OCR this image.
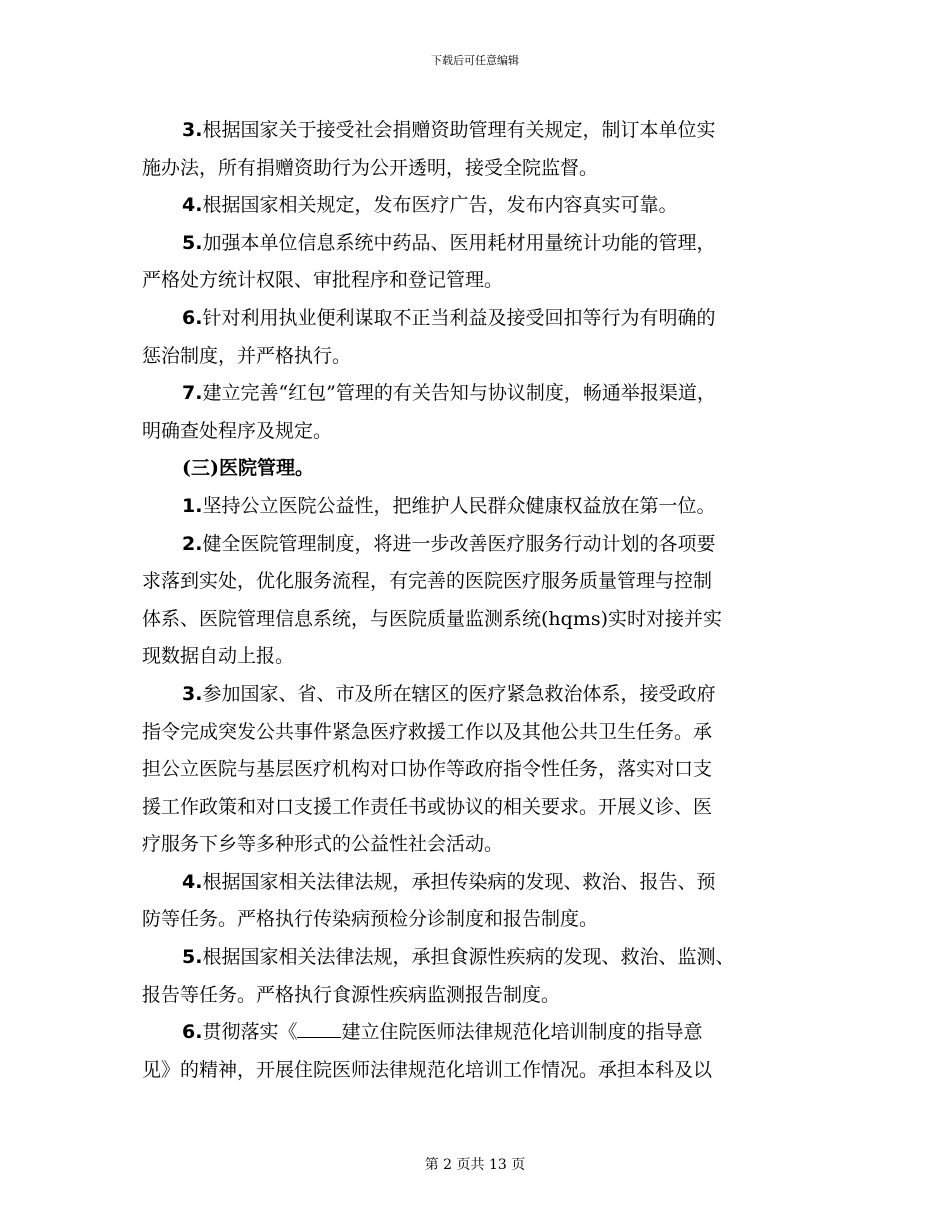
下载后可任意编辑
3.根据国家关于接受社会捐赠资助管理有关规定，制订本单位实
施办法，所有捐赠资助行为公开透明，接受全院监督。
4.根据国家相关规定，发布医疗广告，发布内容真实可靠。
5.加强本单位信息系统中药品、医用耗材用量统计功能的管理，
严格处方统计权限、审批程序和登记管理。
6.针对利用执业便利谋取不正当利益及接受回扣等行为有明确的
惩治制度，并严格执行。
7.建立完善“红包”管理的有关告知与协议制度，畅通举报渠道，
明确查处程序及规定。
(三)医院管理。
1.坚持公立医院公益性，把维护人民群众健康权益放在第一位。
2.健全医院管理制度，将进一步改善医疗服务行动计划的各项要
求落到实处，优化服务流程，有完善的医院医疗服务质量管理与控制
体系、医院管理信息系统，与医院质量监测系统(hqms)实时对接并实
现数据自动上报。
3.参加国家、省、市及所在辖区的医疗紧急救治体系，接受政府
指令完成突发公共事件紧急医疗救援工作以及其他公共卫生任务。承
担公立医院与基层医疗机构对口协作等政府指令性任务，落实对口支
援工作政策和对口支援工作责任书或协议的相关要求。开展义诊、医
疗服务下乡等多种形式的公益性社会活动。
4.根据国家相关法律法规，承担传染病的发现、救治、报告、预
防等任务。严格执行传染病预检分诊制度和报告制度。
5.根据国家相关法律法规，承担食源性疾病的发现、救治、监测、
报告等任务。严格执行食源性疾病监测报告制度。
6.贯彻落实《 建立住院医师法律规范化培训制度的指导意
见》的精神，开展住院医师法律规范化培训工作情况。承担本科及以
第 2 页共 13 页
